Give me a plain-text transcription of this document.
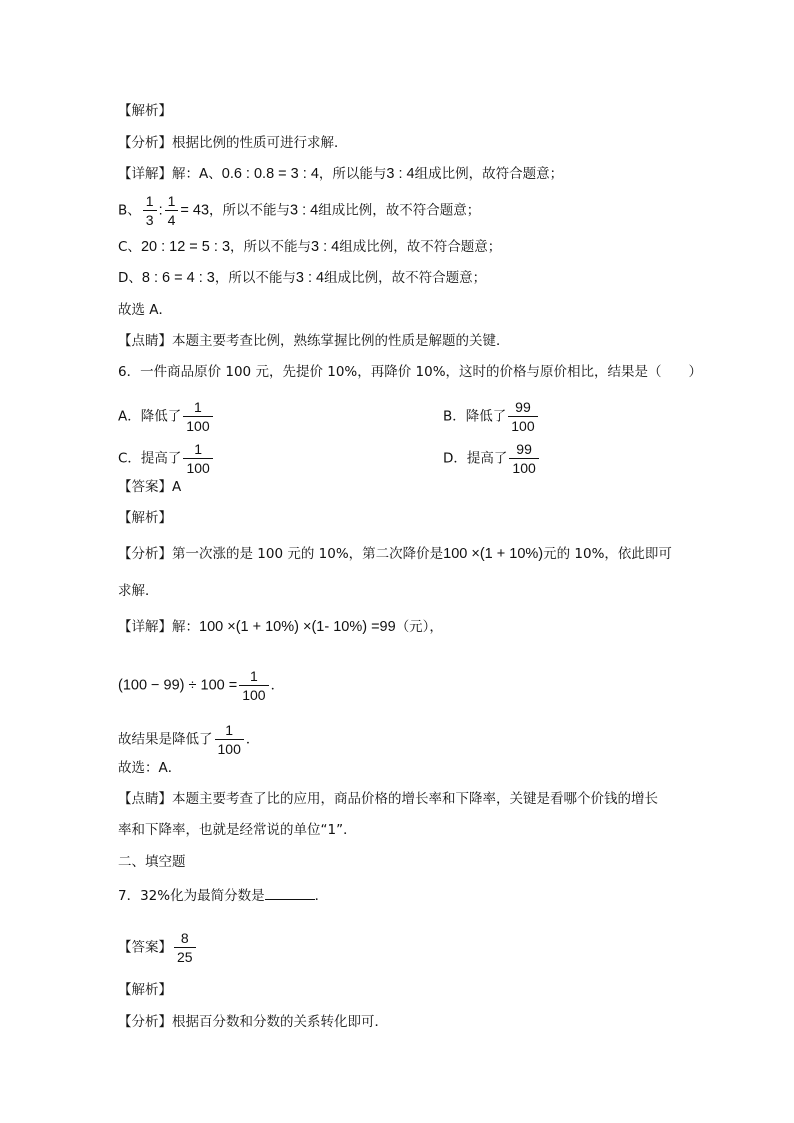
【解析】
【分析】根据比例的性质可进行求解．
【详解】解：A、0.6 : 0.8 = 3 : 4，所以能与3 : 4组成比例，故符合题意；
B、 $\frac{1}{3}$ : $\frac{1}{4} = 43$，所以不能与3 : 4组成比例，故不符合题意；
C、20 : 12 = 5 : 3，所以不能与3 : 4组成比例，故不符合题意；
D、8 : 6 = 4 : 3，所以不能与3 : 4组成比例，故不符合题意；
故选 A．
【点睛】本题主要考查比例，熟练掌握比例的性质是解题的关键．
6．一件商品原价 100 元，先提价 10%，再降价 10%，这时的价格与原价相比，结果是（　　）
A．降低了 $\frac{1}{100}$	B．降低了 $\frac{99}{100}$
C．提高了 $\frac{1}{100}$	D．提高了 $\frac{99}{100}$
【答案】A
【解析】
【分析】第一次涨的是 100 元的 10%，第二次降价是100 ×(1 + 10%)元的 10%，依此即可
求解．
【详解】解：100 ×(1 + 10%) ×(1- 10%) =99（元），
$(100 - 99) \div 100 = \frac{1}{100}$ ．
故结果是降低了 $\frac{1}{100}$ ．
故选：A．
【点睛】本题主要考查了比的应用，商品价格的增长率和下降率，关键是看哪个价钱的增长
率和下降率，也就是经常说的单位“1”．
二、填空题
7．32%化为最简分数是	．
【答案】 $\frac{8}{25}$
【解析】
【分析】根据百分数和分数的关系转化即可．
